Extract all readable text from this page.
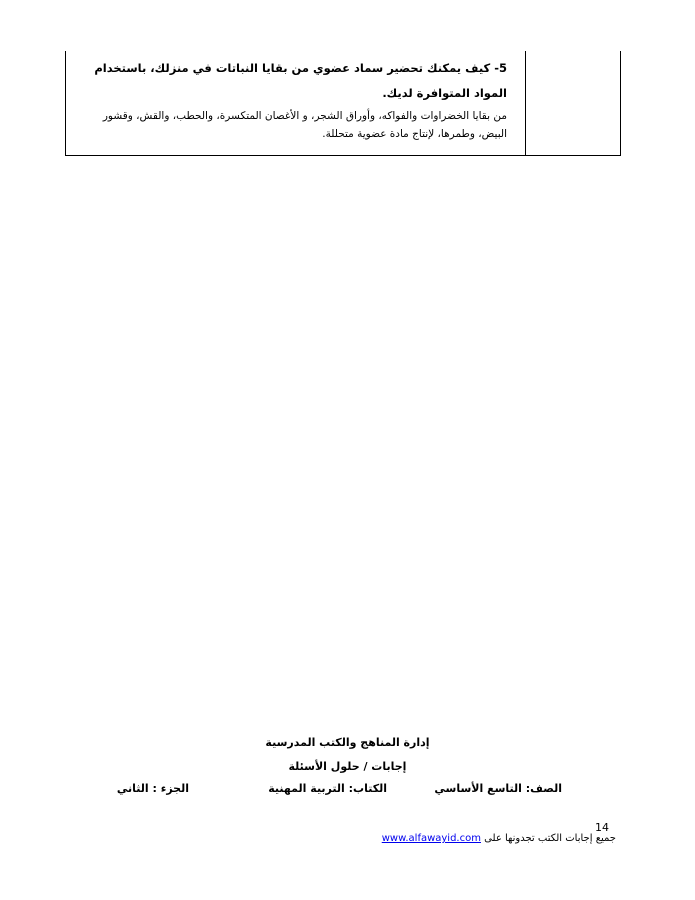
5- كيف يمكنك تحضير سماد عضوي من بقايا النباتات في منزلك، باستخدام المواد المتوافرة لديك.
من بقايا الخضراوات والفواكه، وأوراق الشجر، و الأغصان المتكسرة، والحطب، والقش، وقشور البيض، وطمرها، لإنتاج مادة عضوية متحللة.
إدارة المناهج والكتب المدرسية
إجابات / حلول الأسئلة
الصف: التاسع الأساسي
الكتاب: التربية المهنية
الجزء : الثاني
14
جميع إجابات الكتب تجدونها على www.alfawayid.com
